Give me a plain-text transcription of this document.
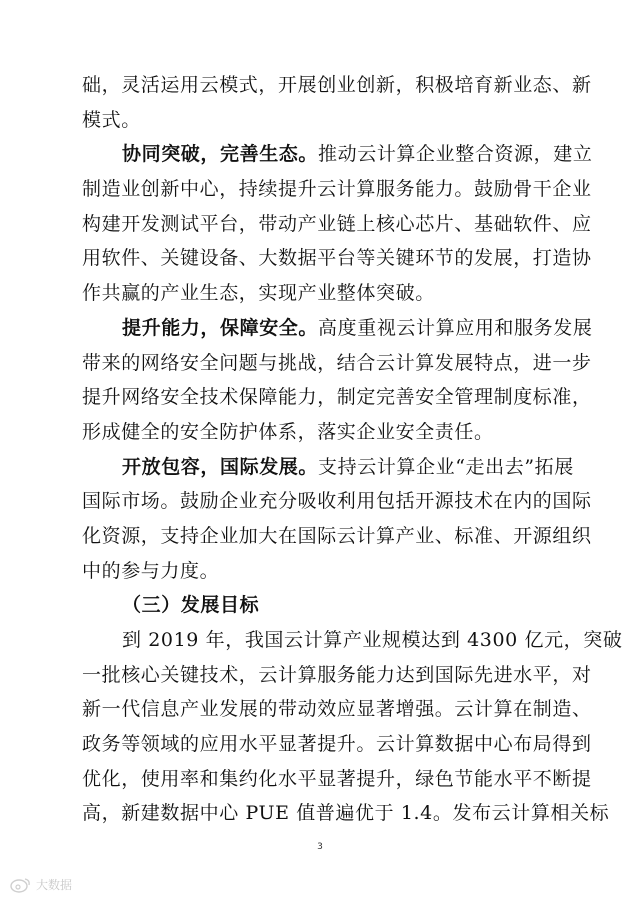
础，灵活运用云模式，开展创业创新，积极培育新业态、新
模式。
协同突破，完善生态。推动云计算企业整合资源，建立
制造业创新中心，持续提升云计算服务能力。鼓励骨干企业
构建开发测试平台，带动产业链上核心芯片、基础软件、应
用软件、关键设备、大数据平台等关键环节的发展，打造协
作共赢的产业生态，实现产业整体突破。
提升能力，保障安全。高度重视云计算应用和服务发展
带来的网络安全问题与挑战，结合云计算发展特点，进一步
提升网络安全技术保障能力，制定完善安全管理制度标准，
形成健全的安全防护体系，落实企业安全责任。
开放包容，国际发展。支持云计算企业“走出去”拓展
国际市场。鼓励企业充分吸收利用包括开源技术在内的国际
化资源，支持企业加大在国际云计算产业、标准、开源组织
中的参与力度。
（三）发展目标
到 2019 年，我国云计算产业规模达到 4300 亿元，突破
一批核心关键技术，云计算服务能力达到国际先进水平，对
新一代信息产业发展的带动效应显著增强。云计算在制造、
政务等领域的应用水平显著提升。云计算数据中心布局得到
优化，使用率和集约化水平显著提升，绿色节能水平不断提
高，新建数据中心 PUE 值普遍优于 1.4。发布云计算相关标
3
大数据
